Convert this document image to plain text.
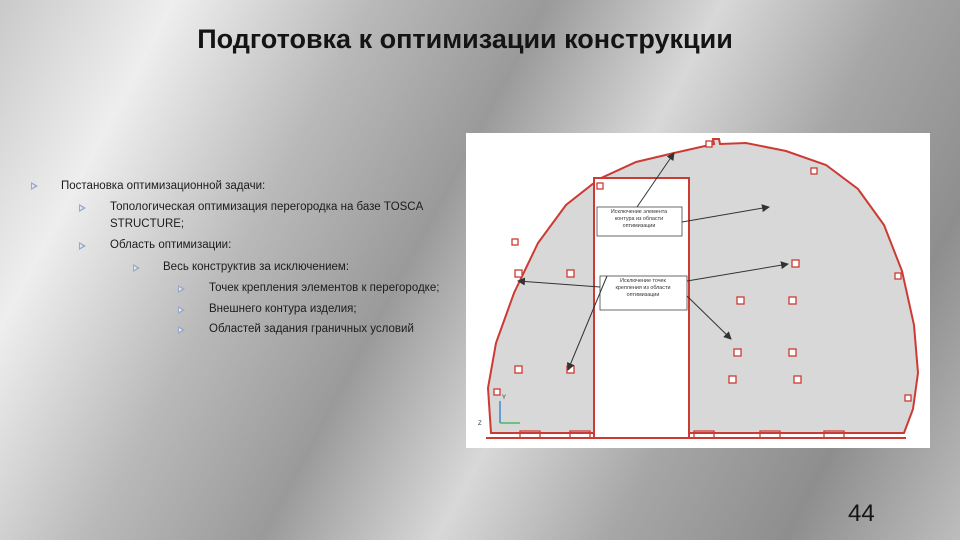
Подготовка к оптимизации конструкции
Постановка оптимизационной задачи:
Топологическая оптимизация перегородка на базе TOSCA
STRUCTURE;
Область оптимизации:
Весь конструктив за исключением:
Точек крепления элементов к перегородке;
Внешнего контура изделия;
Областей задания граничных условий
Исключение элемента контура из области оптимизации
Исключение точек крепления из области оптимизации
Y
Z
44
